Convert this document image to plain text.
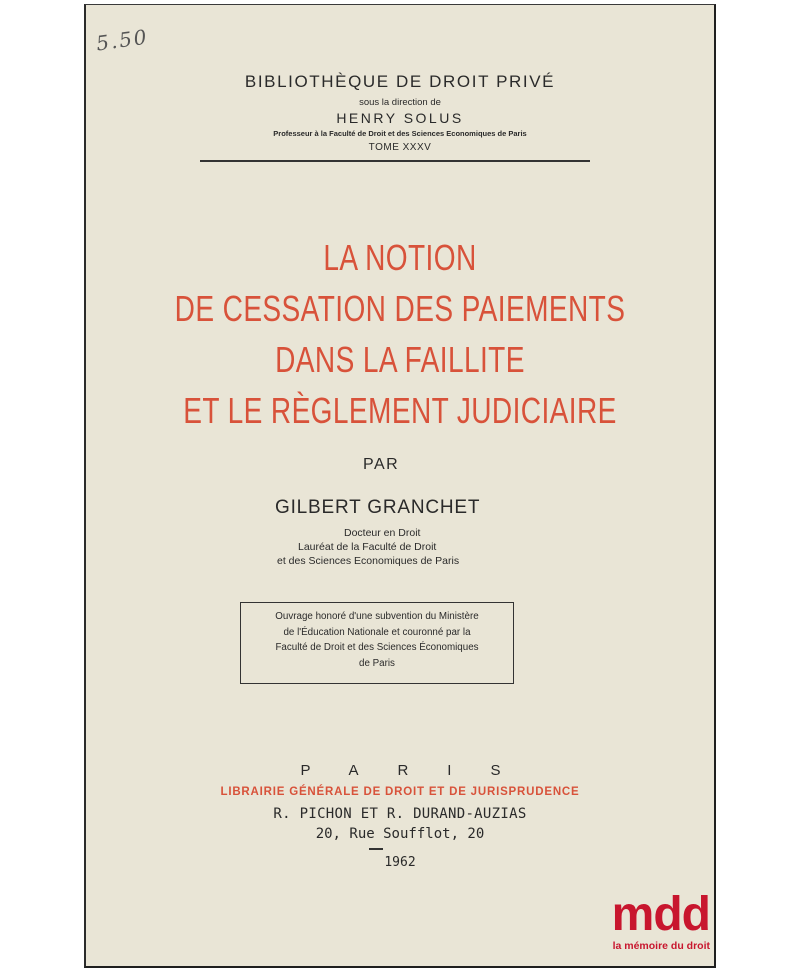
5.50
BIBLIOTHÈQUE DE DROIT PRIVÉ
sous la direction de
HENRY SOLUS
Professeur à la Faculté de Droit et des Sciences Economiques de Paris
TOME XXXV
LA NOTION
DE CESSATION DES PAIEMENTS
DANS LA FAILLITE
ET LE RÈGLEMENT JUDICIAIRE
PAR
GILBERT GRANCHET
Docteur en Droit
Lauréat de la Faculté de Droit
et des Sciences Economiques de Paris
Ouvrage honoré d'une subvention du Ministère
de l'Éducation Nationale et couronné par la
Faculté de Droit et des Sciences Économiques
de Paris
PARIS
LIBRAIRIE GÉNÉRALE DE DROIT ET DE JURISPRUDENCE
R. PICHON ET R. DURAND-AUZIAS
20, Rue Soufflot, 20
1962
mdd
la mémoire du droit
